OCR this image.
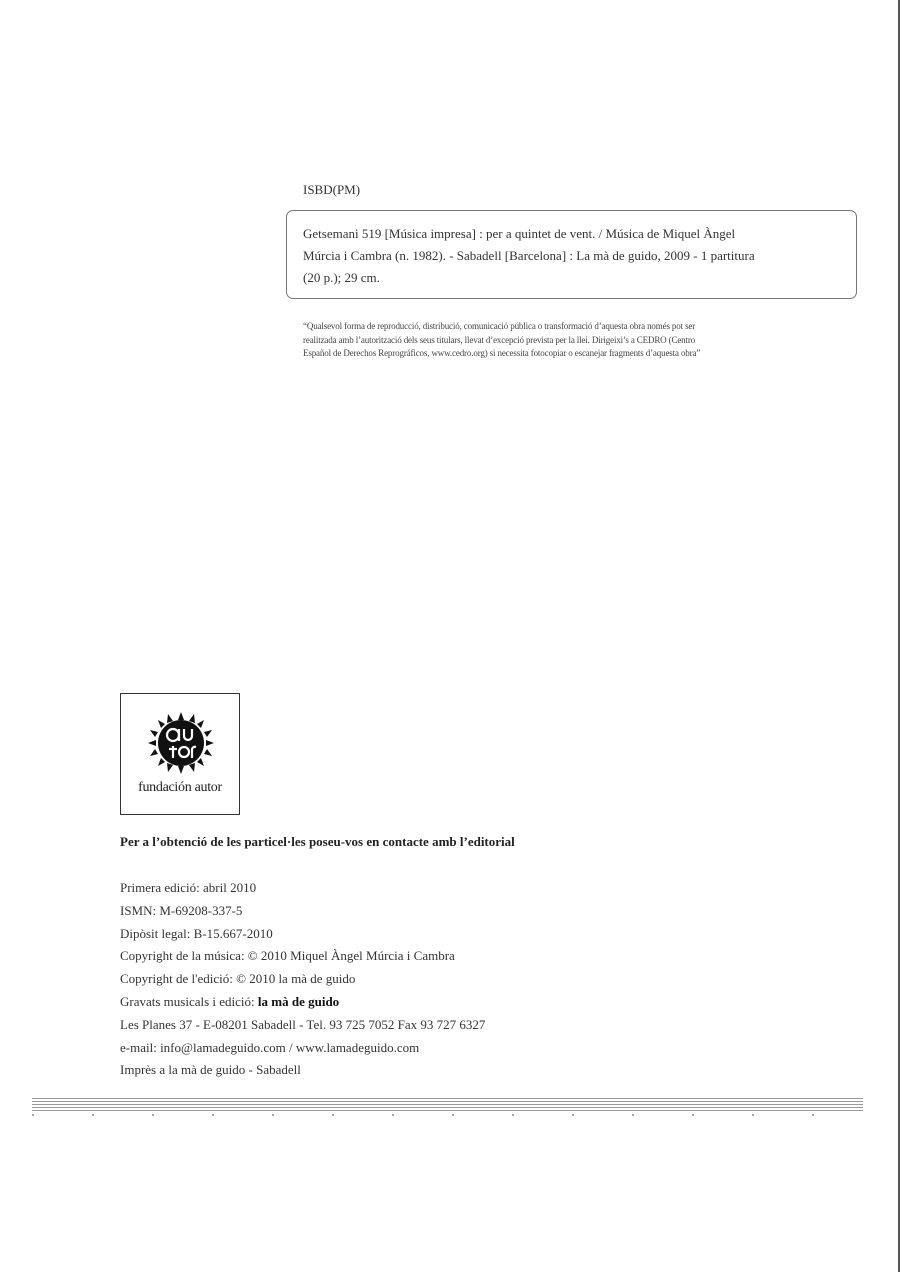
ISBD(PM)
Getsemani 519 [Música impresa] : per a quintet de vent. / Música de Miquel Àngel
Múrcia i Cambra (n. 1982). - Sabadell [Barcelona] : La mà de guido, 2009 - 1 partitura
(20 p.); 29 cm.
“Qualsevol forma de reproducció, distribució, comunicació pública o transformació d’aquesta obra només pot ser
realitzada amb l’autorització dels seus titulars, llevat d’excepció prevista per la llei. Dirigeixi’s a CEDRO (Centro
Español de Derechos Reprográficos, www.cedro.org) si necessita fotocopiar o escanejar fragments d’aquesta obra”
fundación autor
Per a l’obtenció de les particel·les poseu-vos en contacte amb l’editorial
Primera edició: abril 2010
ISMN: M-69208-337-5
Dipòsit legal: B-15.667-2010
Copyright de la música: © 2010 Miquel Àngel Múrcia i Cambra
Copyright de l'edició: © 2010 la mà de guido
Gravats musicals i edició: la mà de guido
Les Planes 37 - E-08201 Sabadell - Tel. 93 725 7052 Fax 93 727 6327
e-mail: info@lamadeguido.com / www.lamadeguido.com
Imprès a la mà de guido - Sabadell
